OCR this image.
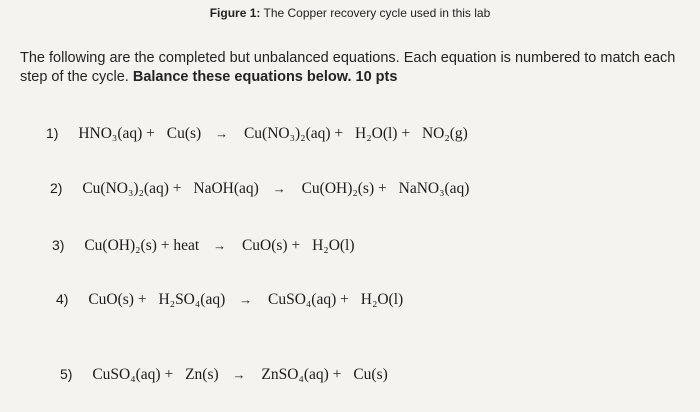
Figure 1: The Copper recovery cycle used in this lab
The following are the completed but unbalanced equations. Each equation is numbered to match each step of the cycle. Balance these equations below. 10 pts
1) HNO₃(aq) + Cu(s) → Cu(NO₃)₂(aq) + H₂O(l) + NO₂(g)
2) Cu(NO₃)₂(aq) + NaOH(aq) → Cu(OH)₂(s) + NaNO₃(aq)
3) Cu(OH)₂(s) + heat → CuO(s) + H₂O(l)
4) CuO(s) + H₂SO₄(aq) → CuSO₄(aq) + H₂O(l)
5) CuSO₄(aq) + Zn(s) → ZnSO₄(aq) + Cu(s)
